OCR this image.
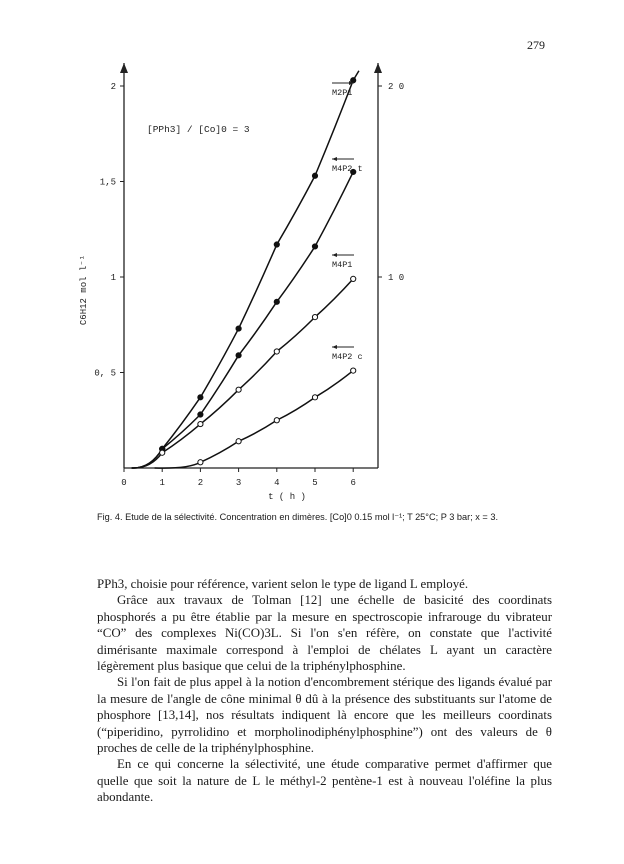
279
0	1	2	3	4	5	6
0, 5
1
1,5
2
1 0
2 0
[PPh3] / [Co]0 = 3
t ( h )
C6H12 mol l⁻¹
M2P1
M4P2 t
M4P1
M4P2 c
Fig. 4. Etude de la sélectivité. Concentration en dimères. [Co]0 0.15 mol l⁻¹; T 25°C; P 3 bar; x = 3.

PPh3, choisie pour référence, varient selon le type de ligand L employé.

Grâce aux travaux de Tolman [12] une échelle de basicité des coordinats phosphorés a pu être établie par la mesure en spectroscopie infrarouge du vibrateur “CO” des complexes Ni(CO)3L. Si l'on s'en réfère, on constate que l'activité dimérisante maximale correspond à l'emploi de chélates L ayant un caractère légèrement plus basique que celui de la triphénylphosphine.

Si l'on fait de plus appel à la notion d'encombrement stérique des ligands évalué par la mesure de l'angle de cône minimal θ dû à la présence des substituants sur l'atome de phosphore [13,14], nos résultats indiquent là encore que les meilleurs coordinats (“piperidino, pyrrolidino et morpholinodiphénylphosphine”) ont des valeurs de θ proches de celle de la triphénylphosphine.

En ce qui concerne la sélectivité, une étude comparative permet d'affirmer que quelle que soit la nature de L le méthyl-2 pentène-1 est à nouveau l'oléfine la plus abondante.
